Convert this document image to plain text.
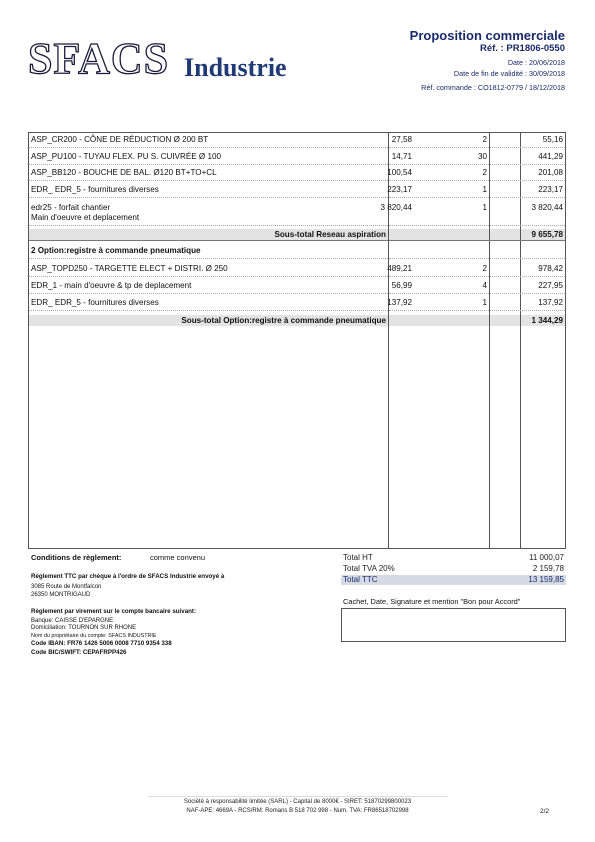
SFACS Industrie
Proposition commerciale
Réf. : PR1806-0550
Date : 20/06/2018
Date de fin de validité : 30/09/2018
Réf. commande : CO1812-0779 / 18/12/2018
ASP_CR200 - CÔNE DE RÉDUCTION Ø 200 BT	27,58	2	55,16
ASP_PU100 - TUYAU FLEX. PU S. CUIVRÉE Ø 100	14,71	30	441,29
ASP_BB120 - BOUCHE DE BAL. Ø120 BT+TO+CL	100,54	2	201,08
EDR_ EDR_5 - fournitures diverses	223,17	1	223,17
edr25 - forfait chantier	3 820,44	1	3 820,44
Main d'oeuvre et deplacement
Sous-total Reseau aspiration	9 655,78
2 Option:registre à commande pneumatique
ASP_TOPD250 - TARGETTE ELECT + DISTRI. Ø 250	489,21	2	978,42
EDR_1 - main d'oeuvre & tp de deplacement	56,99	4	227,95
EDR_ EDR_5 - fournitures diverses	137,92	1	137,92
Sous-total Option:registre à commande pneumatique	1 344,29
Conditions de règlement:	comme convenu
Règlement TTC par chèque à l'ordre de SFACS Industrie envoyé à
3085 Route de Montfalcon
26350 MONTRIGAUD
Règlement par virement sur le compte bancaire suivant:
Banque: CAISSE D'EPARGNE
Domiciliation: TOURNON SUR RHONE
Nom du propriétaire du compte: SFACS INDUSTRIE
Code IBAN: FR76 1426 5006 0008 7710 9354 338
Code BIC/SWIFT: CEPAFRPP426
Total HT	11 000,07
Total TVA 20%	2 159,78
Total TTC	13 159,85
Cachet, Date, Signature et mention "Bon pour Accord"
Société à responsabilité limitée (SARL) - Capital de 8000€ - SIRET: 51870299800023
NAF-APE: 4669A - RCS/RM: Romans B 518 702 998 - Num. TVA: FR86518702998	2/2
